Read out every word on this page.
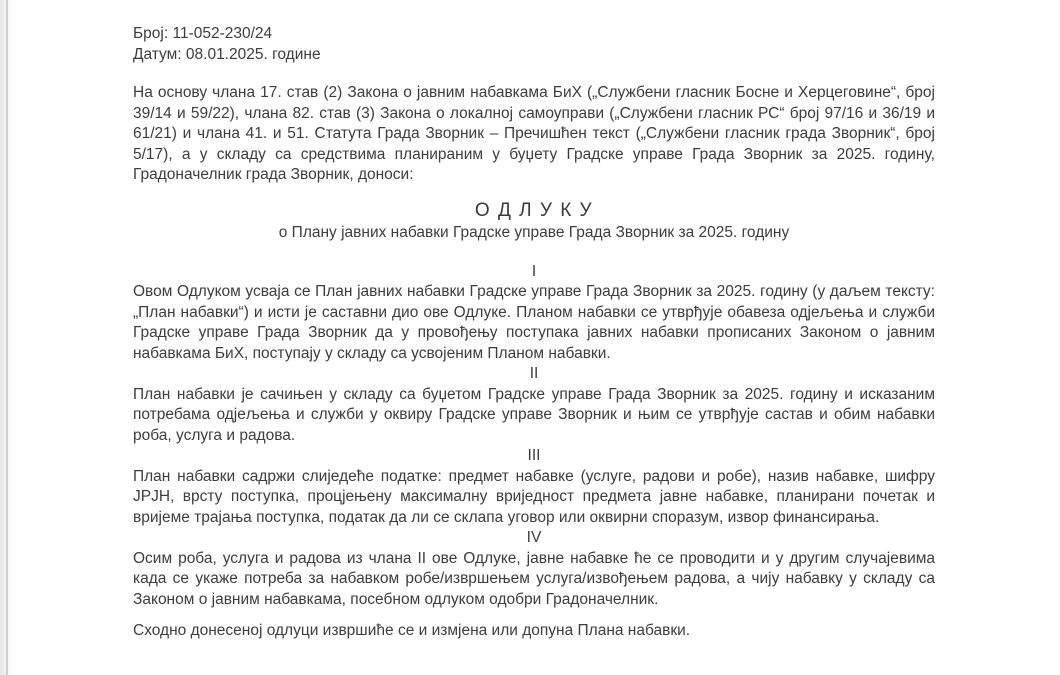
Број: 11-052-230/24

Датум: 08.01.2025. године

На основу члана 17. став (2) Закона о јавним набавкама БиХ („Службени гласник Босне и Херцеговине“, број 39/14 и 59/22), члана 82. став (3) Закона о локалној самоуправи („Службени гласник РС“ број 97/16 и 36/19 и 61/21) и члана 41. и 51. Статута Града Зворник – Пречишћен текст („Службени гласник града Зворник“, број 5/17), а у складу са средствима планираним у буџету Градске управе Града Зворник за 2025. годину, Градоначелник града Зворник, доноси:

О Д Л У К У

о Плану јавних набавки Градске управе Града Зворник за 2025. годину

I

Овом Одлуком усваја се План јавних набавки Градске управе Града Зворник за 2025. годину (у даљем тексту: „План набавки“) и исти је саставни дио ове Одлуке. Планом набавки се утврђује обавеза одјељења и служби Градске управе Града Зворник да у провођењу поступака јавних набавки прописаних Законом о јавним набавкама БиХ, поступају у складу са усвојеним Планом набавки.

II

План набавки је сачињен у складу са буџетом Градске управе Града Зворник за 2025. годину и исказаним потребама одјељења и служби у оквиру Градске управе Зворник и њим се утврђује састав и обим набавки роба, услуга и радова.

III

План набавки садржи слиједеће податке: предмет набавке (услуге, радови и робе), назив набавке, шифру ЈРЈН, врсту поступка, процјењену максималну вриједност предмета јавне набавке, планирани почетак и вријеме трајања поступка, податак да ли се склапа уговор или оквирни споразум, извор финансирања.

IV

Осим роба, услуга и радова из члана II ове Одлуке, јавне набавке ће се проводити и у другим случајевима када се укаже потреба за набавком робе/извршењем услуга/извођењем радова, а чију набавку у складу са Законом о јавним набавкама, посебном одлуком одобри Градоначелник.

Сходно донесеној одлуци извршиће се и измјена или допуна Плана набавки.
